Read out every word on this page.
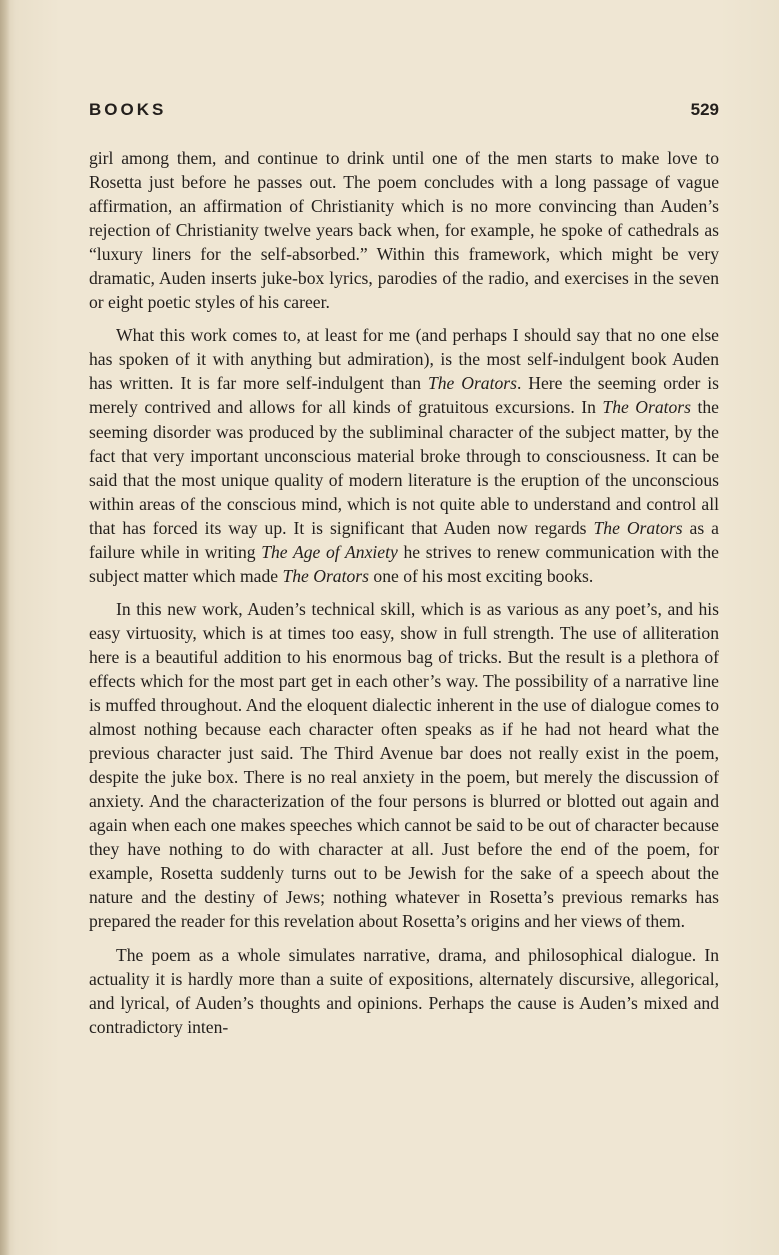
BOOKS	529

girl among them, and continue to drink until one of the men starts to make love to Rosetta just before he passes out. The poem concludes with a long passage of vague affirmation, an affirmation of Christianity which is no more convincing than Auden’s rejection of Christianity twelve years back when, for example, he spoke of cathedrals as “luxury liners for the self-absorbed.” Within this framework, which might be very dramatic, Auden inserts juke-box lyrics, parodies of the radio, and exercises in the seven or eight poetic styles of his career.

What this work comes to, at least for me (and perhaps I should say that no one else has spoken of it with anything but admiration), is the most self-indulgent book Auden has written. It is far more self-indulgent than The Orators. Here the seeming order is merely contrived and allows for all kinds of gratuitous excursions. In The Orators the seeming disorder was produced by the subliminal character of the subject matter, by the fact that very important unconscious material broke through to consciousness. It can be said that the most unique quality of modern literature is the eruption of the unconscious within areas of the conscious mind, which is not quite able to understand and control all that has forced its way up. It is significant that Auden now regards The Orators as a failure while in writing The Age of Anxiety he strives to renew communication with the subject matter which made The Orators one of his most exciting books.

In this new work, Auden’s technical skill, which is as various as any poet’s, and his easy virtuosity, which is at times too easy, show in full strength. The use of alliteration here is a beautiful addition to his enormous bag of tricks. But the result is a plethora of effects which for the most part get in each other’s way. The possibility of a narrative line is muffed throughout. And the eloquent dialectic inherent in the use of dialogue comes to almost nothing because each character often speaks as if he had not heard what the previous character just said. The Third Avenue bar does not really exist in the poem, despite the juke box. There is no real anxiety in the poem, but merely the discussion of anxiety. And the characterization of the four persons is blurred or blotted out again and again when each one makes speeches which cannot be said to be out of character because they have nothing to do with character at all. Just before the end of the poem, for example, Rosetta suddenly turns out to be Jewish for the sake of a speech about the nature and the destiny of Jews; nothing whatever in Rosetta’s previous remarks has prepared the reader for this revelation about Rosetta’s origins and her views of them.

The poem as a whole simulates narrative, drama, and philosophical dialogue. In actuality it is hardly more than a suite of expositions, alternately discursive, allegorical, and lyrical, of Auden’s thoughts and opinions. Perhaps the cause is Auden’s mixed and contradictory inten-
